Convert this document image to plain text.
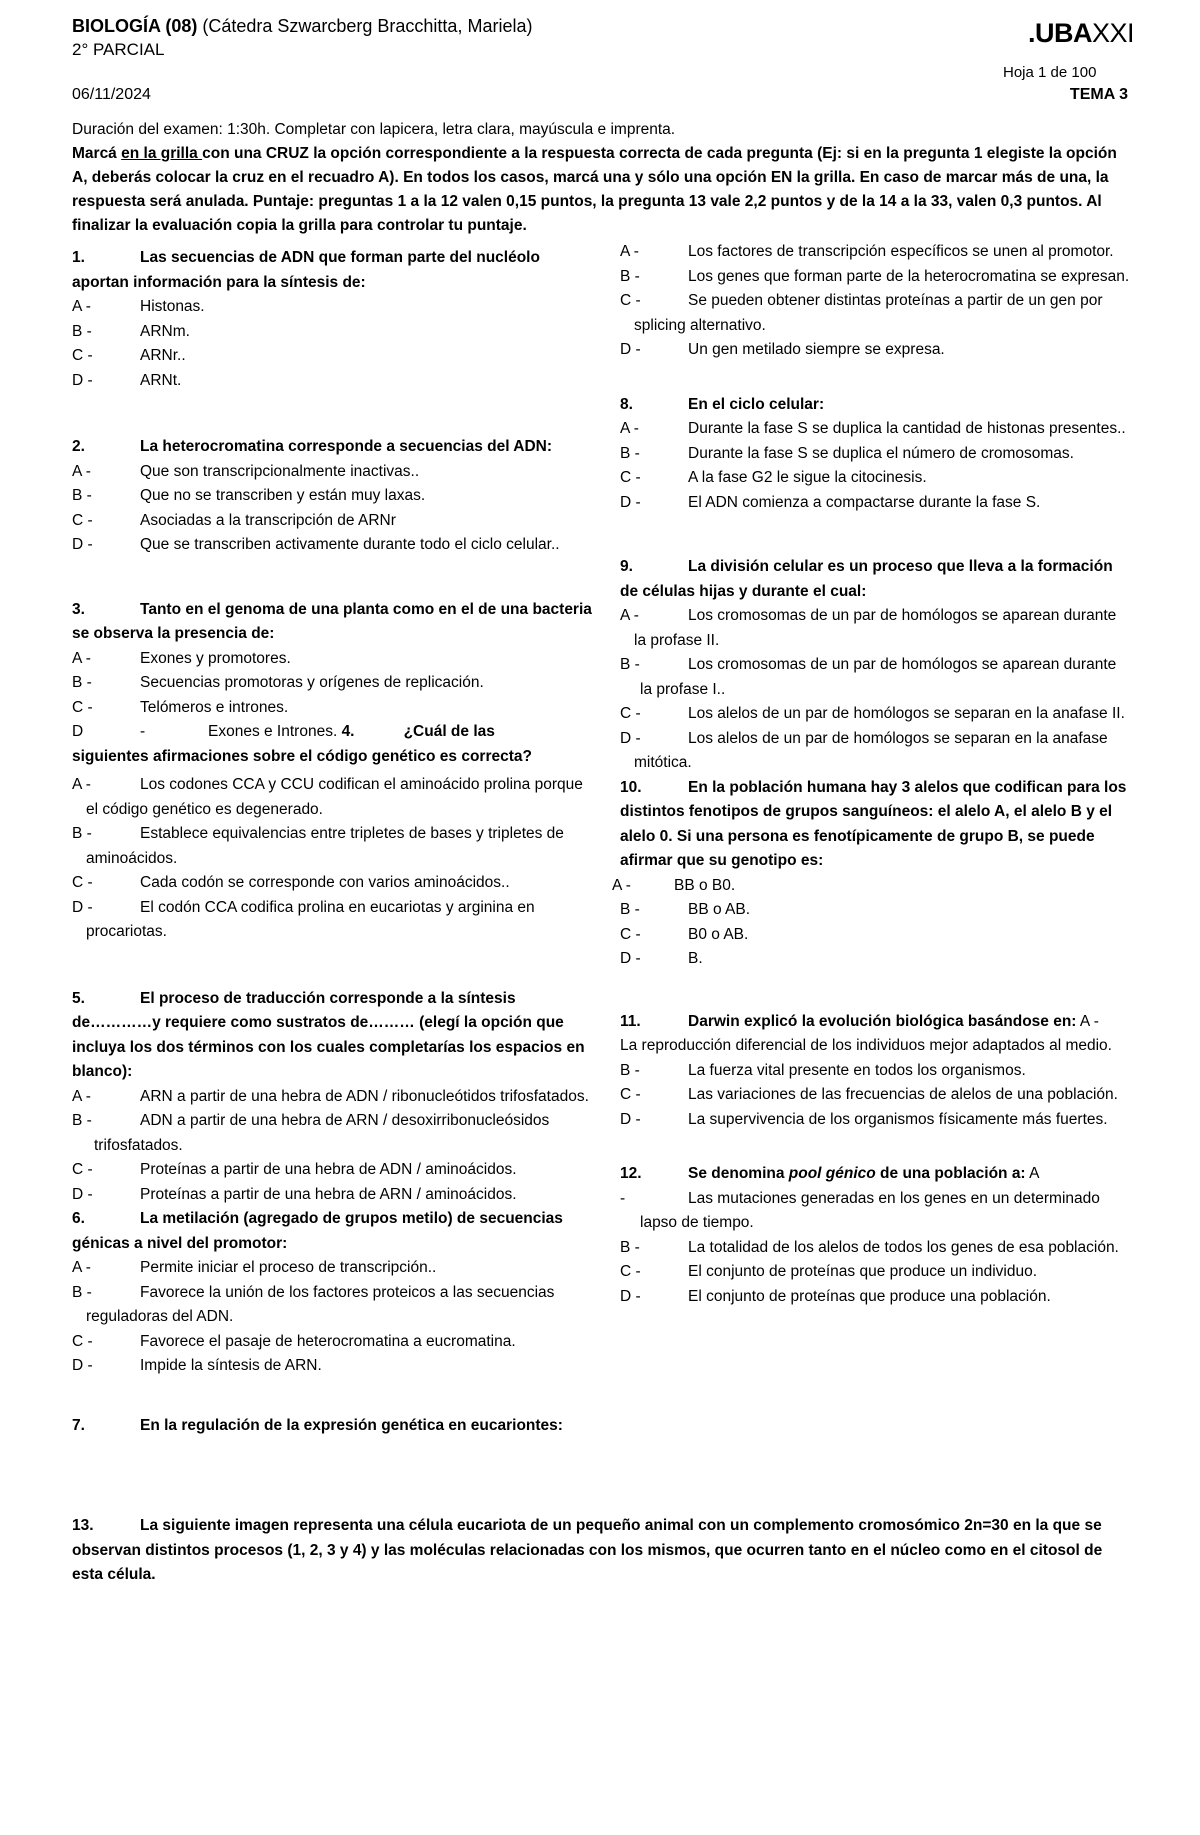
BIOLOGÍA (08) (Cátedra Szwarcberg Bracchitta, Mariela)
2° PARCIAL
.UBAXXI
Hoja 1 de 100
06/11/2024	TEMA 3
Duración del examen: 1:30h. Completar con lapicera, letra clara, mayúscula e imprenta.
Marcá en la grilla con una CRUZ la opción correspondiente a la respuesta correcta de cada pregunta (Ej: si en la pregunta 1 elegiste la opción A, deberás colocar la cruz en el recuadro A). En todos los casos, marcá una y sólo una opción EN la grilla. En caso de marcar más de una, la respuesta será anulada. Puntaje: preguntas 1 a la 12 valen 0,15 puntos, la pregunta 13 vale 2,2 puntos y de la 14 a la 33, valen 0,3 puntos. Al finalizar la evaluación copia la grilla para controlar tu puntaje.
1.	Las secuencias de ADN que forman parte del nucléolo aportan información para la síntesis de:
A -	Histonas.
B -	ARNm.
C -	ARNr..
D -	ARNt.
2.	La heterocromatina corresponde a secuencias del ADN:
A -	Que son transcripcionalmente inactivas..
B -	Que no se transcriben y están muy laxas.
C -	Asociadas a la transcripción de ARNr
D -	Que se transcriben activamente durante todo el ciclo celular..
3.	Tanto en el genoma de una planta como en el de una bacteria se observa la presencia de:
A -	Exones y promotores.
B -	Secuencias promotoras y orígenes de replicación.
C -	Telómeros e intrones.
D	-	Exones e Intrones. 4.	¿Cuál de las
siguientes afirmaciones sobre el código genético es correcta?
A -	Los codones CCA y CCU codifican el aminoácido prolina porque el código genético es degenerado.
B -	Establece equivalencias entre tripletes de bases y tripletes de aminoácidos.
C -	Cada codón se corresponde con varios aminoácidos..
D -	El codón CCA codifica prolina en eucariotas y arginina en procariotas.
5.	El proceso de traducción corresponde a la síntesis de…………y requiere como sustratos de……… (elegí la opción que incluya los dos términos con los cuales completarías los espacios en blanco):
A -	ARN a partir de una hebra de ADN / ribonucleótidos trifosfatados.
B -	ADN a partir de una hebra de ARN / desoxirribonucleósidos trifosfatados.
C -	Proteínas a partir de una hebra de ADN / aminoácidos.
D -	Proteínas a partir de una hebra de ARN / aminoácidos.
6.	La metilación (agregado de grupos metilo) de secuencias génicas a nivel del promotor:
A -	Permite iniciar el proceso de transcripción..
B -	Favorece la unión de los factores proteicos a las secuencias reguladoras del ADN.
C -	Favorece el pasaje de heterocromatina a eucromatina.
D -	Impide la síntesis de ARN.
7.	En la regulación de la expresión genética en eucariontes:
A -	Los factores de transcripción específicos se unen al promotor.
B -	Los genes que forman parte de la heterocromatina se expresan.
C -	Se pueden obtener distintas proteínas a partir de un gen por splicing alternativo.
D -	Un gen metilado siempre se expresa.
8.	En el ciclo celular:
A -	Durante la fase S se duplica la cantidad de histonas presentes..
B -	Durante la fase S se duplica el número de cromosomas.
C -	A la fase G2 le sigue la citocinesis.
D -	El ADN comienza a compactarse durante la fase S.
9.	La división celular es un proceso que lleva a la formación de células hijas y durante el cual:
A -	Los cromosomas de un par de homólogos se aparean durante la profase II.
B -	Los cromosomas de un par de homólogos se aparean durante la profase I..
C -	Los alelos de un par de homólogos se separan en la anafase II.
D -	Los alelos de un par de homólogos se separan en la anafase mitótica.
10.	En la población humana hay 3 alelos que codifican para los distintos fenotipos de grupos sanguíneos: el alelo A, el alelo B y el alelo 0. Si una persona es fenotípicamente de grupo B, se puede afirmar que su genotipo es:
A -	BB o B0.
B -	BB o AB.
C -	B0 o AB.
D -	B.
11.	Darwin explicó la evolución biológica basándose en: A -
La reproducción diferencial de los individuos mejor adaptados al medio.
B -	La fuerza vital presente en todos los organismos.
C -	Las variaciones de las frecuencias de alelos de una población.
D -	La supervivencia de los organismos físicamente más fuertes.
12.	Se denomina pool génico de una población a: A
-	Las mutaciones generadas en los genes en un determinado lapso de tiempo.
B -	La totalidad de los alelos de todos los genes de esa población.
C -	El conjunto de proteínas que produce un individuo.
D -	El conjunto de proteínas que produce una población.
13.	La siguiente imagen representa una célula eucariota de un pequeño animal con un complemento cromosómico 2n=30 en la que se observan distintos procesos (1, 2, 3 y 4) y las moléculas relacionadas con los mismos, que ocurren tanto en el núcleo como en el citosol de esta célula.
